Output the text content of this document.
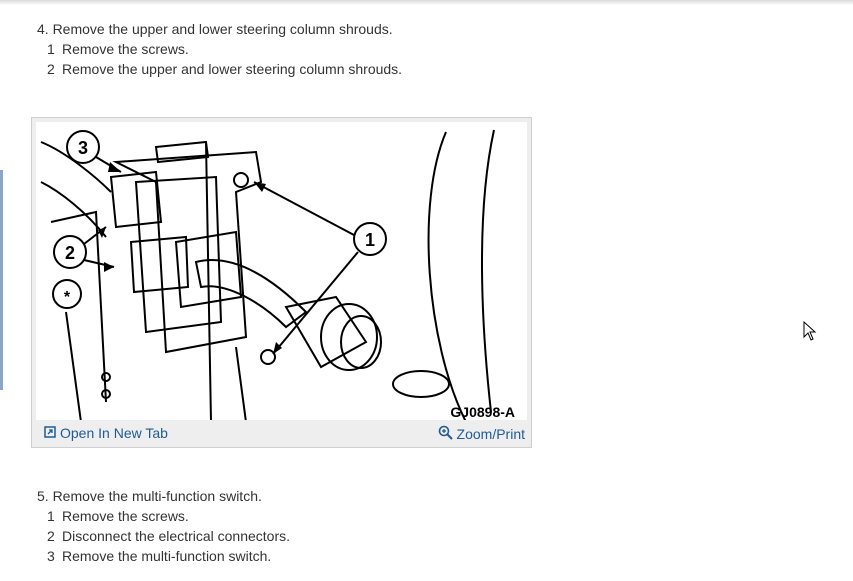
4. Remove the upper and lower steering column shrouds.
1 Remove the screws.
2 Remove the upper and lower steering column shrouds.
3
2
1
*
GJ0898-A
Open In New Tab	Zoom/Print
5. Remove the multi-function switch.
1 Remove the screws.
2 Disconnect the electrical connectors.
3 Remove the multi-function switch.
